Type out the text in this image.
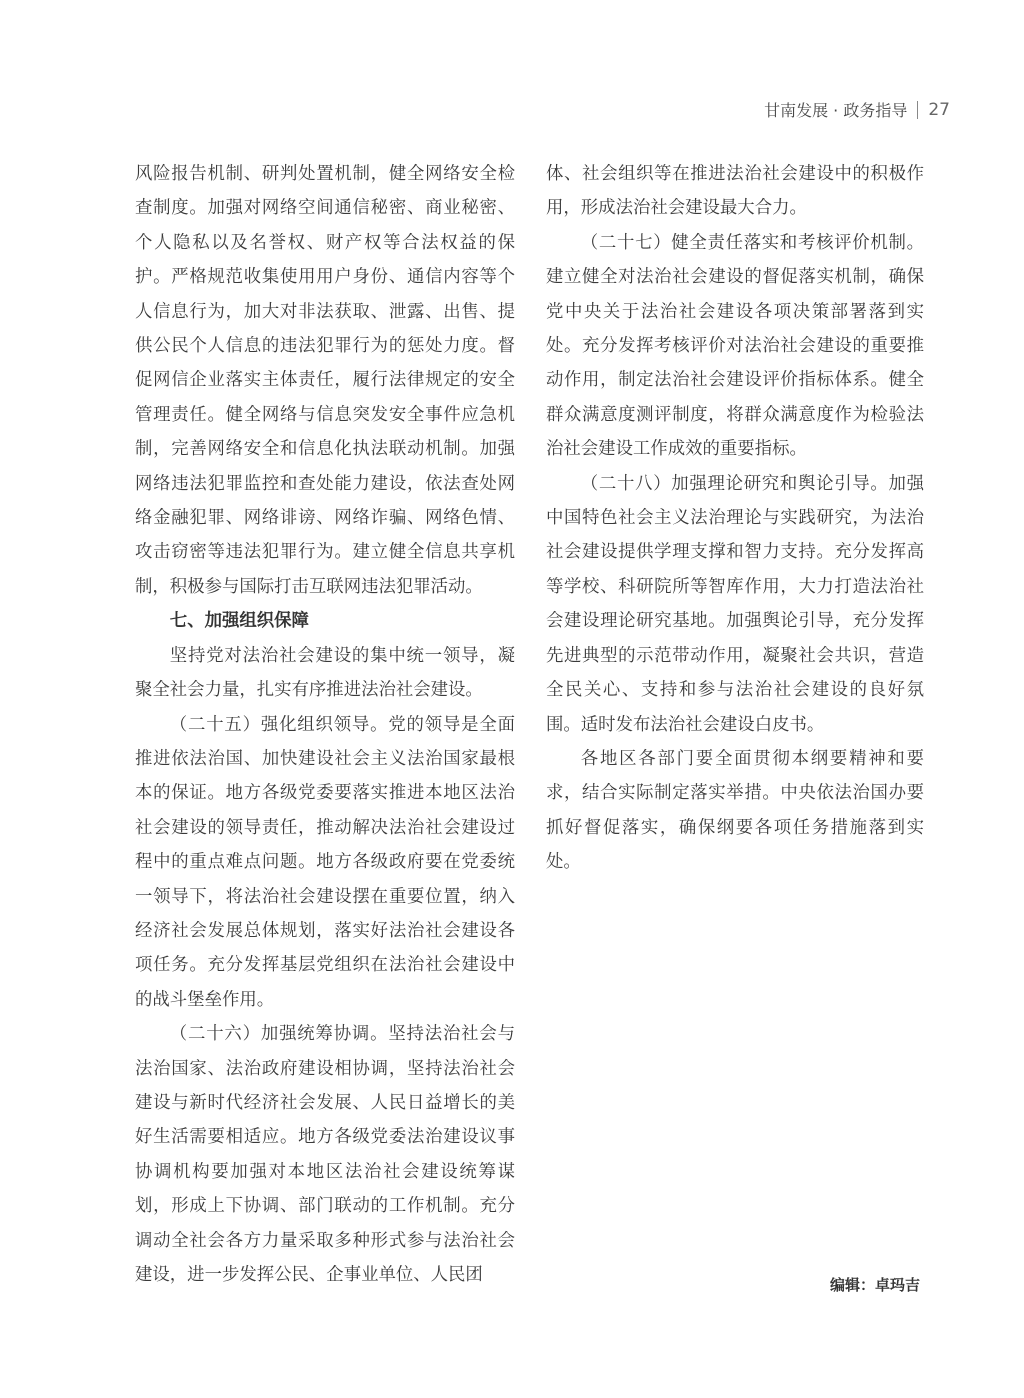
甘南发展 · 政务指导 27

风险报告机制、研判处置机制，健全网络安全检查制度。加强对网络空间通信秘密、商业秘密、个人隐私以及名誉权、财产权等合法权益的保护。严格规范收集使用用户身份、通信内容等个人信息行为，加大对非法获取、泄露、出售、提供公民个人信息的违法犯罪行为的惩处力度。督促网信企业落实主体责任，履行法律规定的安全管理责任。健全网络与信息突发安全事件应急机制，完善网络安全和信息化执法联动机制。加强网络违法犯罪监控和查处能力建设，依法查处网络金融犯罪、网络诽谤、网络诈骗、网络色情、攻击窃密等违法犯罪行为。建立健全信息共享机制，积极参与国际打击互联网违法犯罪活动。

七、加强组织保障

坚持党对法治社会建设的集中统一领导，凝聚全社会力量，扎实有序推进法治社会建设。

（二十五）强化组织领导。党的领导是全面推进依法治国、加快建设社会主义法治国家最根本的保证。地方各级党委要落实推进本地区法治社会建设的领导责任，推动解决法治社会建设过程中的重点难点问题。地方各级政府要在党委统一领导下，将法治社会建设摆在重要位置，纳入经济社会发展总体规划，落实好法治社会建设各项任务。充分发挥基层党组织在法治社会建设中的战斗堡垒作用。

（二十六）加强统筹协调。坚持法治社会与法治国家、法治政府建设相协调，坚持法治社会建设与新时代经济社会发展、人民日益增长的美好生活需要相适应。地方各级党委法治建设议事协调机构要加强对本地区法治社会建设统筹谋划，形成上下协调、部门联动的工作机制。充分调动全社会各方力量采取多种形式参与法治社会建设，进一步发挥公民、企事业单位、人民团

体、社会组织等在推进法治社会建设中的积极作用，形成法治社会建设最大合力。

（二十七）健全责任落实和考核评价机制。建立健全对法治社会建设的督促落实机制，确保党中央关于法治社会建设各项决策部署落到实处。充分发挥考核评价对法治社会建设的重要推动作用，制定法治社会建设评价指标体系。健全群众满意度测评制度，将群众满意度作为检验法治社会建设工作成效的重要指标。

（二十八）加强理论研究和舆论引导。加强中国特色社会主义法治理论与实践研究，为法治社会建设提供学理支撑和智力支持。充分发挥高等学校、科研院所等智库作用，大力打造法治社会建设理论研究基地。加强舆论引导，充分发挥先进典型的示范带动作用，凝聚社会共识，营造全民关心、支持和参与法治社会建设的良好氛围。适时发布法治社会建设白皮书。

各地区各部门要全面贯彻本纲要精神和要求，结合实际制定落实举措。中央依法治国办要抓好督促落实，确保纲要各项任务措施落到实处。

编辑：卓玛吉
